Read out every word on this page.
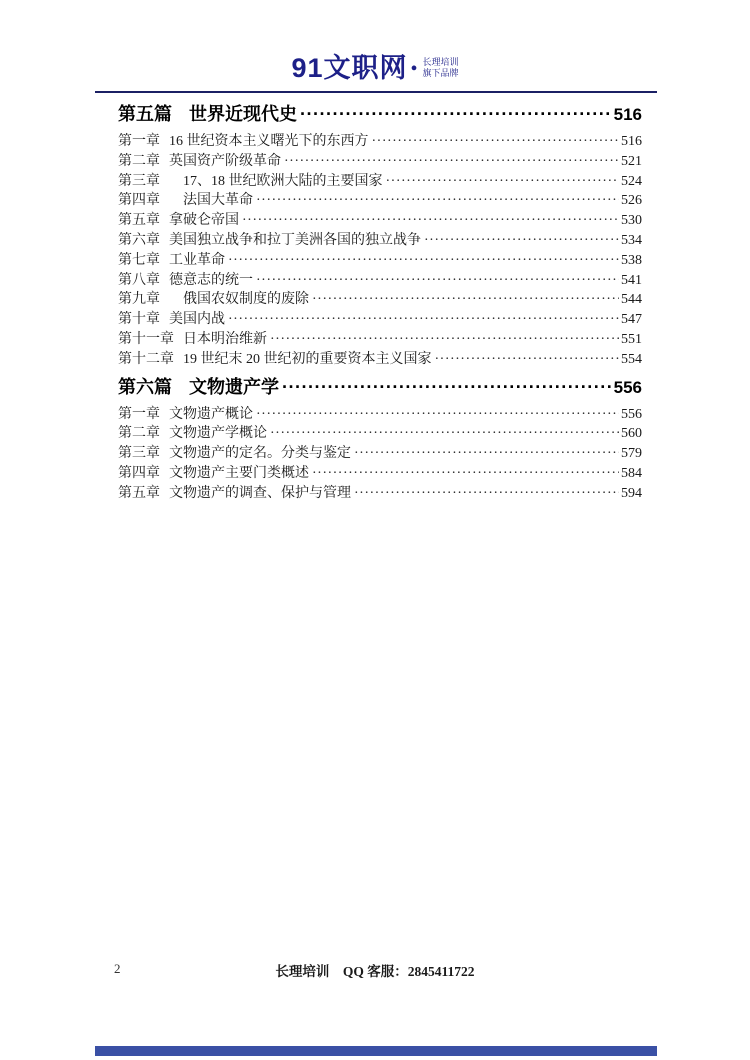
91文职网 • 长理培训
旗下品牌
第五篇 世界近现代史 ·····	516
第一章 16 世纪资本主义曙光下的东西方 ·····	516
第二章 英国资产阶级革命 ·····	521
第三章 　17、18 世纪欧洲大陆的主要国家 ·····	524
第四章 　法国大革命 ·····	526
第五章 拿破仑帝国 ·····	530
第六章 美国独立战争和拉丁美洲各国的独立战争 ·····	534
第七章 工业革命 ·····	538
第八章 德意志的统一 ·····	541
第九章 　俄国农奴制度的废除 ·····	544
第十章 美国内战 ·····	547
第十一章 日本明治维新 ·····	551
第十二章 19 世纪末 20 世纪初的重要资本主义国家 ·····	554
第六篇 文物遗产学 ·····	556
第一章 文物遗产概论 ·····	556
第二章 文物遗产学概论 ·····	560
第三章 文物遗产的定名。分类与鉴定 ·····	579
第四章 文物遗产主要门类概述 ·····	584
第五章 文物遗产的调查、保护与管理 ·····	594
2	长理培训　QQ 客服：2845411722
